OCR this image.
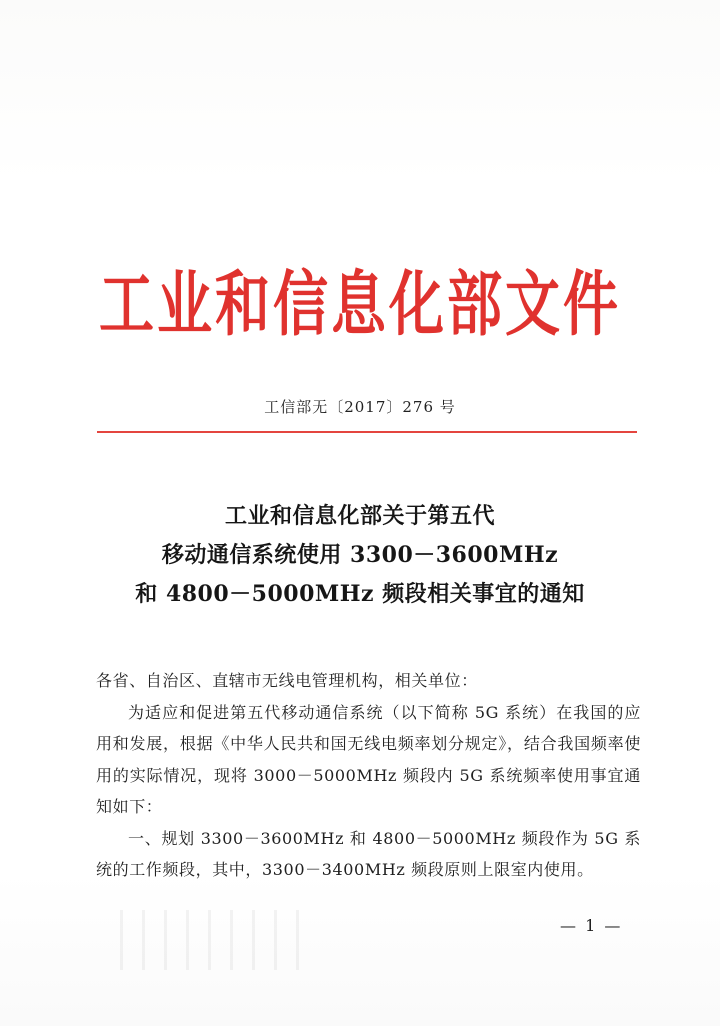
工业和信息化部文件
工信部无〔2017〕276 号
工业和信息化部关于第五代
移动通信系统使用 3300－3600MHz
和 4800－5000MHz 频段相关事宜的通知

各省、自治区、直辖市无线电管理机构，相关单位：

为适应和促进第五代移动通信系统（以下简称 5G 系统）在我国的应用和发展，根据《中华人民共和国无线电频率划分规定》，结合我国频率使用的实际情况，现将 3000－5000MHz 频段内 5G 系统频率使用事宜通知如下：

一、规划 3300－3600MHz 和 4800－5000MHz 频段作为 5G 系统的工作频段，其中，3300－3400MHz 频段原则上限室内使用。

— 1 —
